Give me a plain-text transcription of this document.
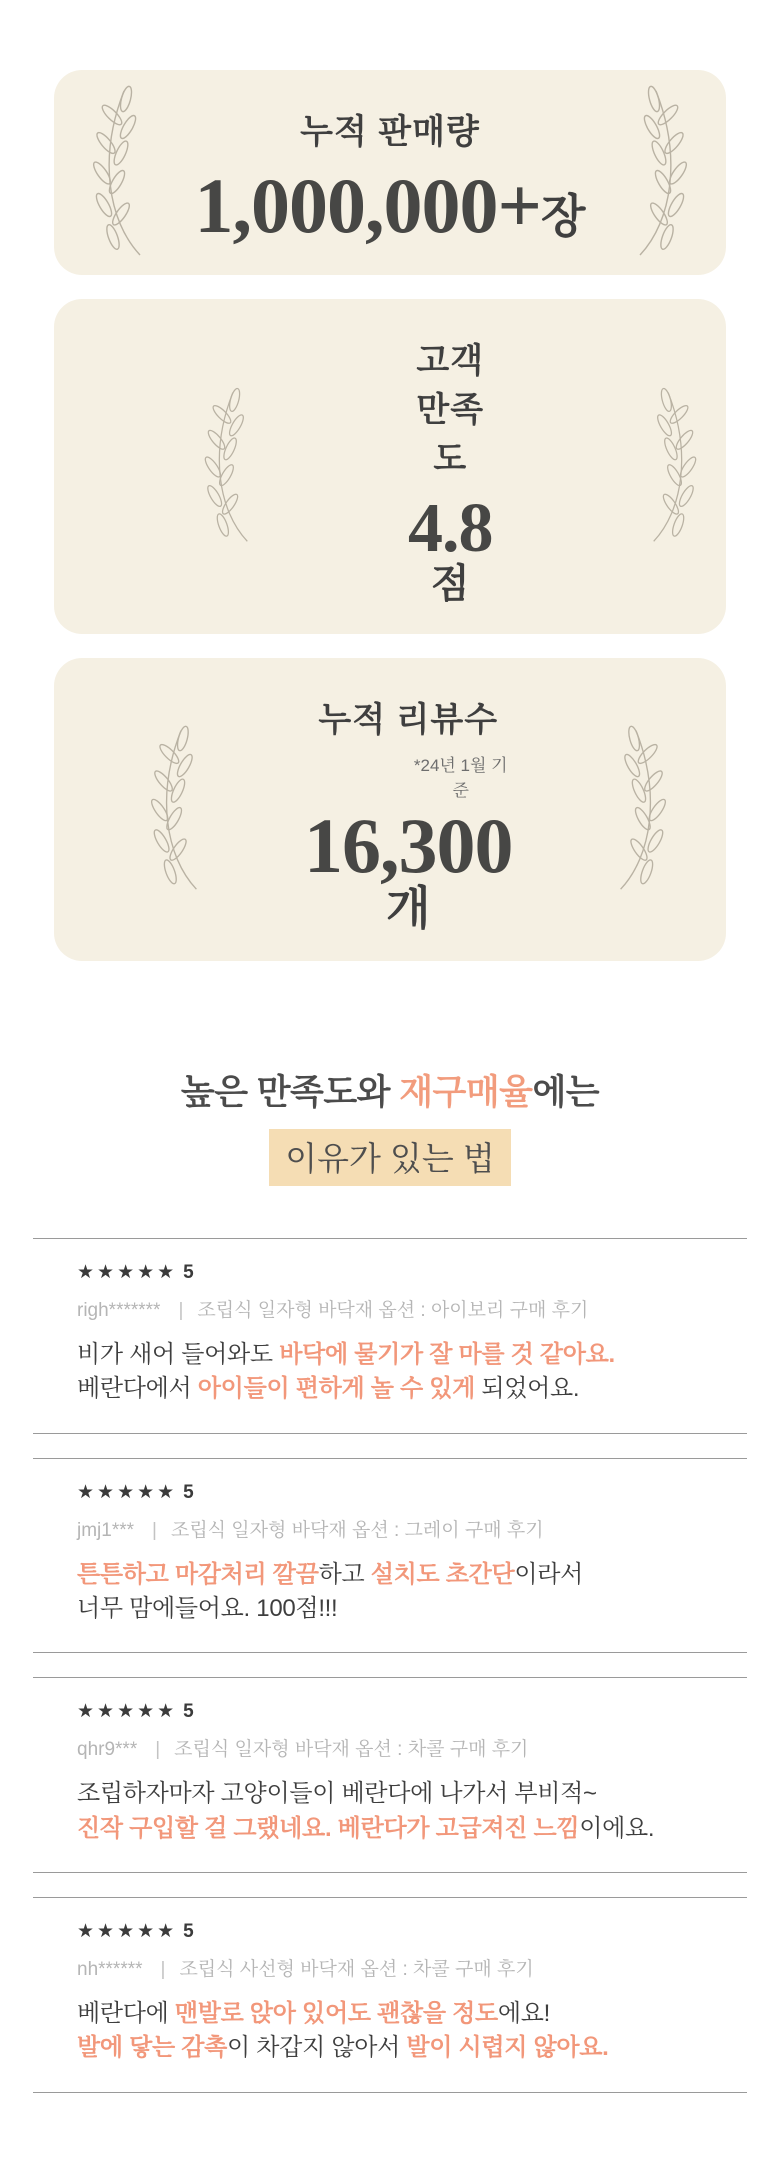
누적 판매량
1,000,000+장
고객 만족도
4.8점
누적 리뷰수
*24년 1월 기준
16,300개
높은 만족도와 재구매율에는
이유가 있는 법
★★★★★ 5
righ******* | 조립식 일자형 바닥재 옵션 : 아이보리 구매 후기
비가 새어 들어와도 바닥에 물기가 잘 마를 것 같아요.
베란다에서 아이들이 편하게 놀 수 있게 되었어요.
★★★★★ 5
jmj1*** | 조립식 일자형 바닥재 옵션 : 그레이 구매 후기
튼튼하고 마감처리 깔끔하고 설치도 초간단이라서
너무 맘에들어요. 100점!!!
★★★★★ 5
qhr9*** | 조립식 일자형 바닥재 옵션 : 차콜 구매 후기
조립하자마자 고양이들이 베란다에 나가서 부비적~
진작 구입할 걸 그랬네요. 베란다가 고급져진 느낌이에요.
★★★★★ 5
nh****** | 조립식 사선형 바닥재 옵션 : 차콜 구매 후기
베란다에 맨발로 앉아 있어도 괜찮을 정도에요!
발에 닿는 감촉이 차갑지 않아서 발이 시렵지 않아요.
